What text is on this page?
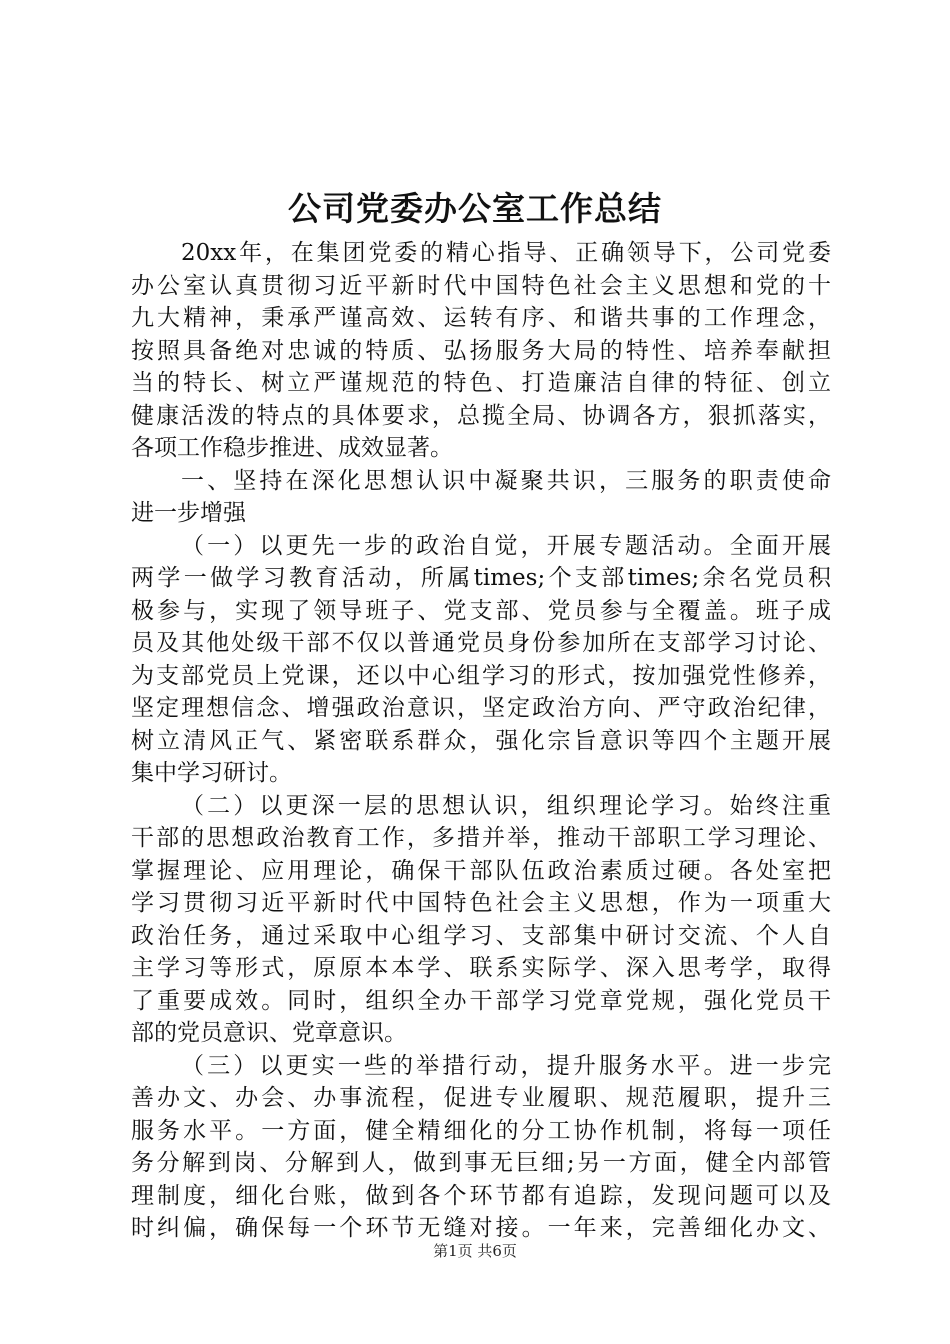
公司党委办公室工作总结
20xx年，在集团党委的精心指导、正确领导下，公司党委
办公室认真贯彻习近平新时代中国特色社会主义思想和党的十
九大精神，秉承严谨高效、运转有序、和谐共事的工作理念，
按照具备绝对忠诚的特质、弘扬服务大局的特性、培养奉献担
当的特长、树立严谨规范的特色、打造廉洁自律的特征、创立
健康活泼的特点的具体要求，总揽全局、协调各方，狠抓落实，
各项工作稳步推进、成效显著。
一、坚持在深化思想认识中凝聚共识，三服务的职责使命
进一步增强
（一）以更先一步的政治自觉，开展专题活动。全面开展
两学一做学习教育活动，所属times;个支部times;余名党员积
极参与，实现了领导班子、党支部、党员参与全覆盖。班子成
员及其他处级干部不仅以普通党员身份参加所在支部学习讨论、
为支部党员上党课，还以中心组学习的形式，按加强党性修养，
坚定理想信念、增强政治意识，坚定政治方向、严守政治纪律，
树立清风正气、紧密联系群众，强化宗旨意识等四个主题开展
集中学习研讨。
（二）以更深一层的思想认识，组织理论学习。始终注重
干部的思想政治教育工作，多措并举，推动干部职工学习理论、
掌握理论、应用理论，确保干部队伍政治素质过硬。各处室把
学习贯彻习近平新时代中国特色社会主义思想，作为一项重大
政治任务，通过采取中心组学习、支部集中研讨交流、个人自
主学习等形式，原原本本学、联系实际学、深入思考学，取得
了重要成效。同时，组织全办干部学习党章党规，强化党员干
部的党员意识、党章意识。
（三）以更实一些的举措行动，提升服务水平。进一步完
善办文、办会、办事流程，促进专业履职、规范履职，提升三
服务水平。一方面，健全精细化的分工协作机制，将每一项任
务分解到岗、分解到人，做到事无巨细;另一方面，健全内部管
理制度，细化台账，做到各个环节都有追踪，发现问题可以及
时纠偏，确保每一个环节无缝对接。一年来，完善细化办文、
第1页 共6页
